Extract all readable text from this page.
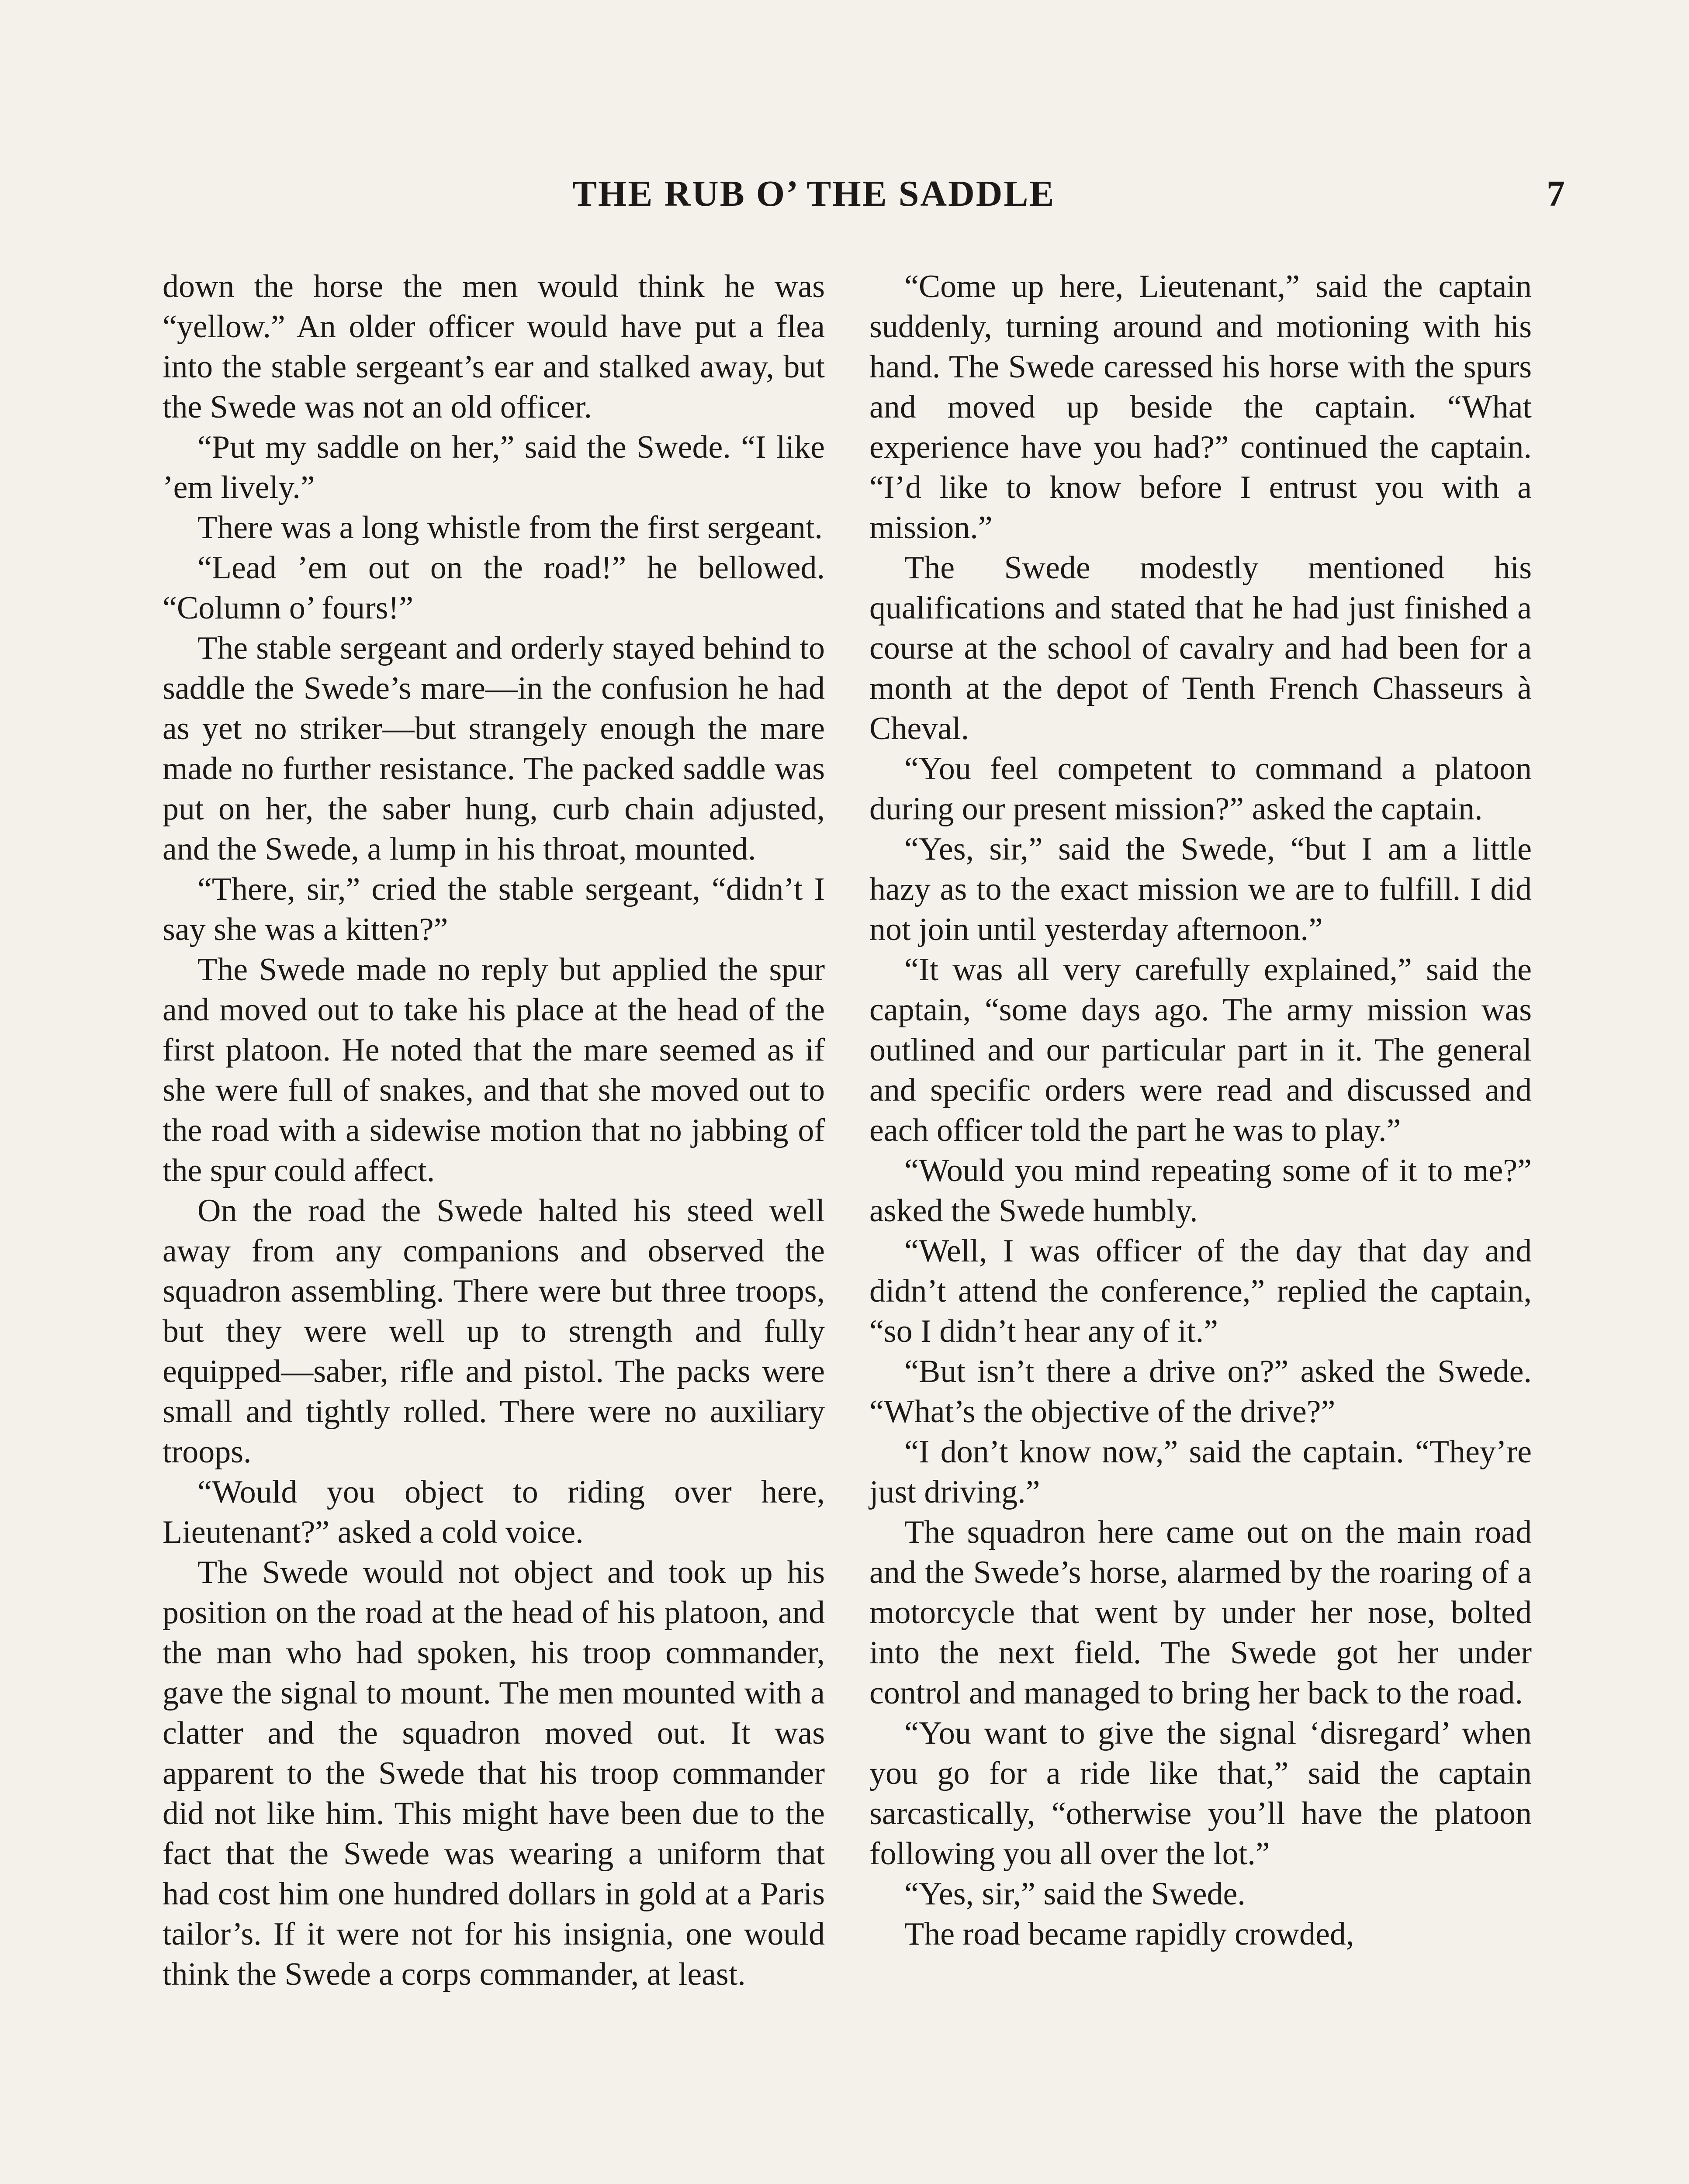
THE RUB O’ THE SADDLE	7

down the horse the men would think he was “yellow.” An older officer would have put a flea into the stable sergeant’s ear and stalked away, but the Swede was not an old officer.

“Put my saddle on her,” said the Swede. “I like ’em lively.”

There was a long whistle from the first sergeant.

“Lead ’em out on the road!” he bellowed. “Column o’ fours!”

The stable sergeant and orderly stayed behind to saddle the Swede’s mare—in the confusion he had as yet no striker—but strangely enough the mare made no further resistance. The packed saddle was put on her, the saber hung, curb chain adjusted, and the Swede, a lump in his throat, mounted.

“There, sir,” cried the stable sergeant, “didn’t I say she was a kitten?”

The Swede made no reply but applied the spur and moved out to take his place at the head of the first platoon. He noted that the mare seemed as if she were full of snakes, and that she moved out to the road with a sidewise motion that no jabbing of the spur could affect.

On the road the Swede halted his steed well away from any companions and observed the squadron assembling. There were but three troops, but they were well up to strength and fully equipped—saber, rifle and pistol. The packs were small and tightly rolled. There were no auxiliary troops.

“Would you object to riding over here, Lieutenant?” asked a cold voice.

The Swede would not object and took up his position on the road at the head of his platoon, and the man who had spoken, his troop commander, gave the signal to mount. The men mounted with a clatter and the squadron moved out. It was apparent to the Swede that his troop commander did not like him. This might have been due to the fact that the Swede was wearing a uniform that had cost him one hundred dollars in gold at a Paris tailor’s. If it were not for his insignia, one would think the Swede a corps commander, at least.

“Come up here, Lieutenant,” said the captain suddenly, turning around and motioning with his hand. The Swede caressed his horse with the spurs and moved up beside the captain. “What experience have you had?” continued the captain. “I’d like to know before I entrust you with a mission.”

The Swede modestly mentioned his qualifications and stated that he had just finished a course at the school of cavalry and had been for a month at the depot of Tenth French Chasseurs à Cheval.

“You feel competent to command a platoon during our present mission?” asked the captain.

“Yes, sir,” said the Swede, “but I am a little hazy as to the exact mission we are to fulfill. I did not join until yesterday afternoon.”

“It was all very carefully explained,” said the captain, “some days ago. The army mission was outlined and our particular part in it. The general and specific orders were read and discussed and each officer told the part he was to play.”

“Would you mind repeating some of it to me?” asked the Swede humbly.

“Well, I was officer of the day that day and didn’t attend the conference,” replied the captain, “so I didn’t hear any of it.”

“But isn’t there a drive on?” asked the Swede. “What’s the objective of the drive?”

“I don’t know now,” said the captain. “They’re just driving.”

The squadron here came out on the main road and the Swede’s horse, alarmed by the roaring of a motorcycle that went by under her nose, bolted into the next field. The Swede got her under control and managed to bring her back to the road.

“You want to give the signal ‘disregard’ when you go for a ride like that,” said the captain sarcastically, “otherwise you’ll have the platoon following you all over the lot.”

“Yes, sir,” said the Swede.

The road became rapidly crowded,
